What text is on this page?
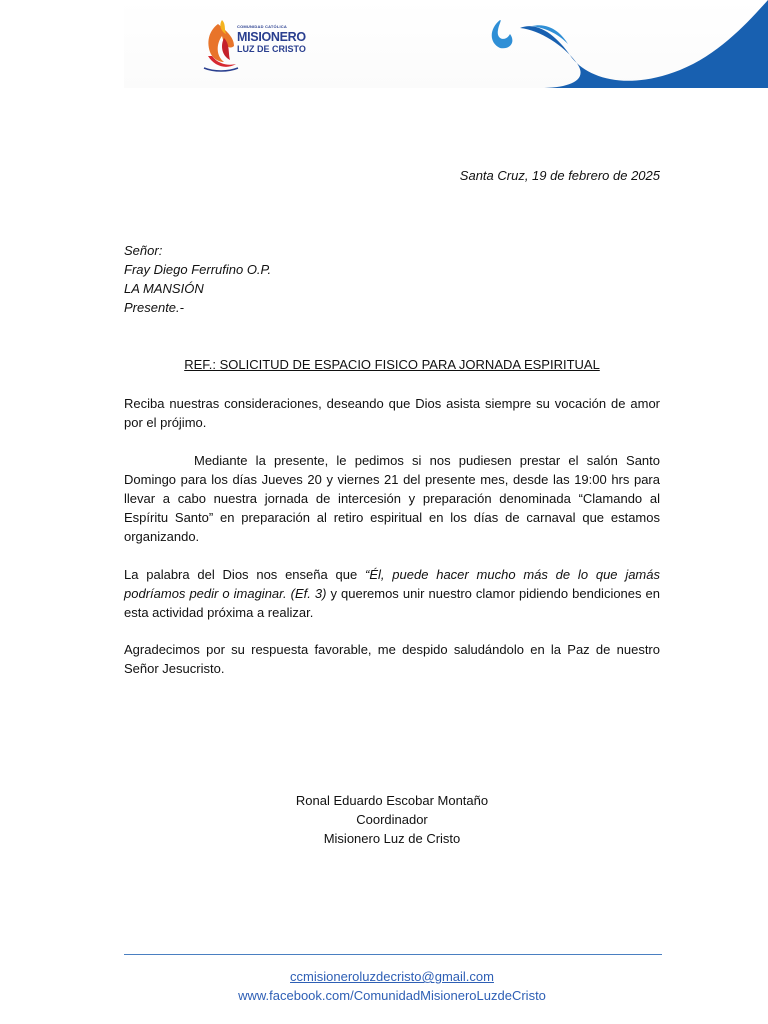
COMUNIDAD CATÓLICA
MISIONERO
LUZ DE CRISTO
Santa Cruz, 19 de febrero de 2025
Señor:
Fray Diego Ferrufino O.P.
LA MANSIÓN
Presente.-
REF.: SOLICITUD DE ESPACIO FISICO PARA JORNADA ESPIRITUAL
Reciba nuestras consideraciones, deseando que Dios asista siempre su vocación de amor por el prójimo.
Mediante la presente, le pedimos si nos pudiesen prestar el salón Santo Domingo para los días Jueves 20 y viernes 21 del presente mes, desde las 19:00 hrs para llevar a cabo nuestra jornada de intercesión y preparación denominada “Clamando al Espíritu Santo” en preparación al retiro espiritual en los días de carnaval que estamos organizando.
La palabra del Dios nos enseña que “Él, puede hacer mucho más de lo que jamás podríamos pedir o imaginar. (Ef. 3) y queremos unir nuestro clamor pidiendo bendiciones en esta actividad próxima a realizar.
Agradecimos por su respuesta favorable, me despido saludándolo en la Paz de nuestro Señor Jesucristo.
Ronal Eduardo Escobar Montaño
Coordinador
Misionero Luz de Cristo
ccmisioneroluzdecristo@gmail.com
www.facebook.com/ComunidadMisioneroLuzdeCristo
